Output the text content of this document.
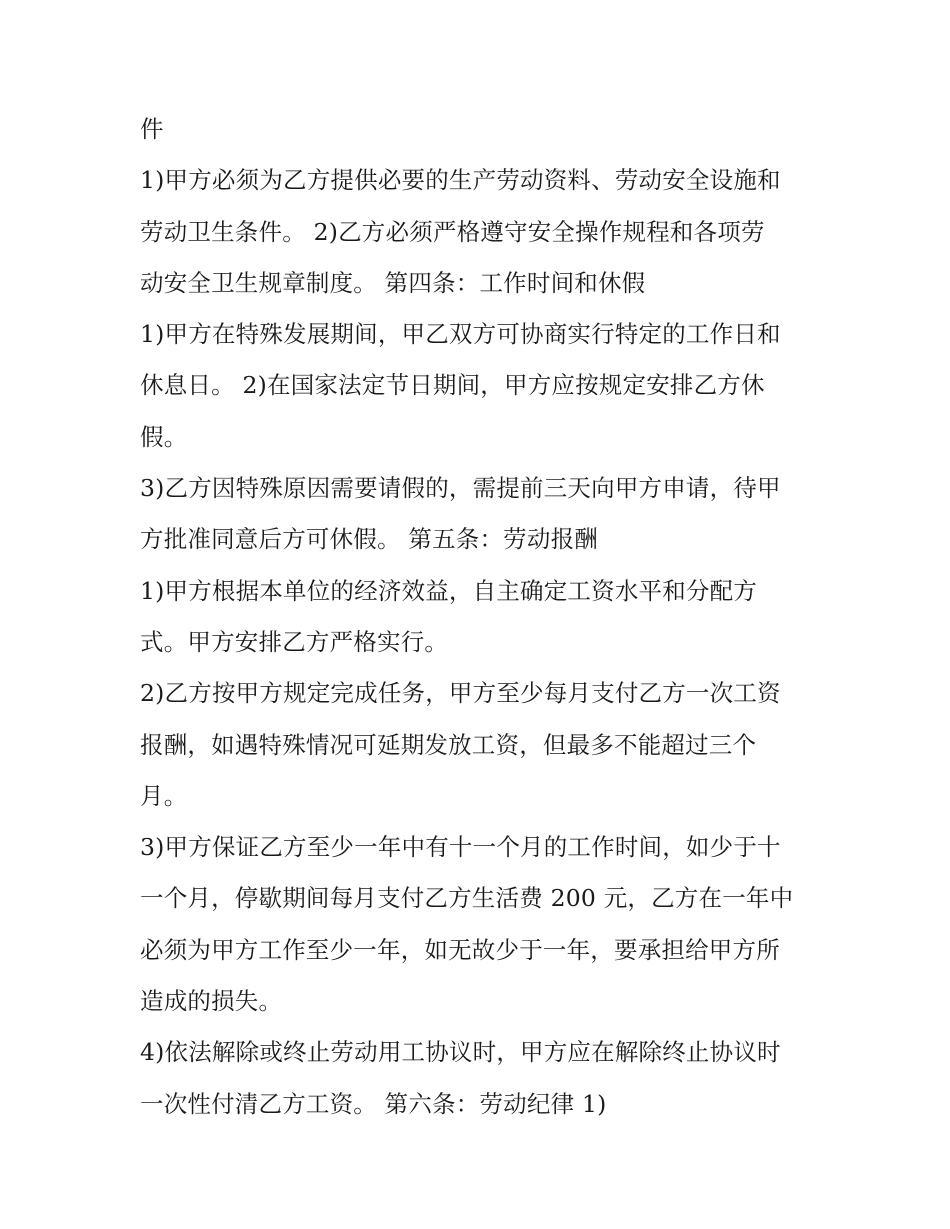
件
1)甲方必须为乙方提供必要的生产劳动资料、劳动安全设施和
劳动卫生条件。 2)乙方必须严格遵守安全操作规程和各项劳
动安全卫生规章制度。 第四条：工作时间和休假
1)甲方在特殊发展期间，甲乙双方可协商实行特定的工作日和
休息日。 2)在国家法定节日期间，甲方应按规定安排乙方休
假。
3)乙方因特殊原因需要请假的，需提前三天向甲方申请，待甲
方批准同意后方可休假。 第五条：劳动报酬
1)甲方根据本单位的经济效益，自主确定工资水平和分配方
式。甲方安排乙方严格实行。
2)乙方按甲方规定完成任务，甲方至少每月支付乙方一次工资
报酬，如遇特殊情况可延期发放工资，但最多不能超过三个
月。
3)甲方保证乙方至少一年中有十一个月的工作时间，如少于十
一个月，停歇期间每月支付乙方生活费 200 元，乙方在一年中
必须为甲方工作至少一年，如无故少于一年，要承担给甲方所
造成的损失。
4)依法解除或终止劳动用工协议时，甲方应在解除终止协议时
一次性付清乙方工资。 第六条：劳动纪律 1)
